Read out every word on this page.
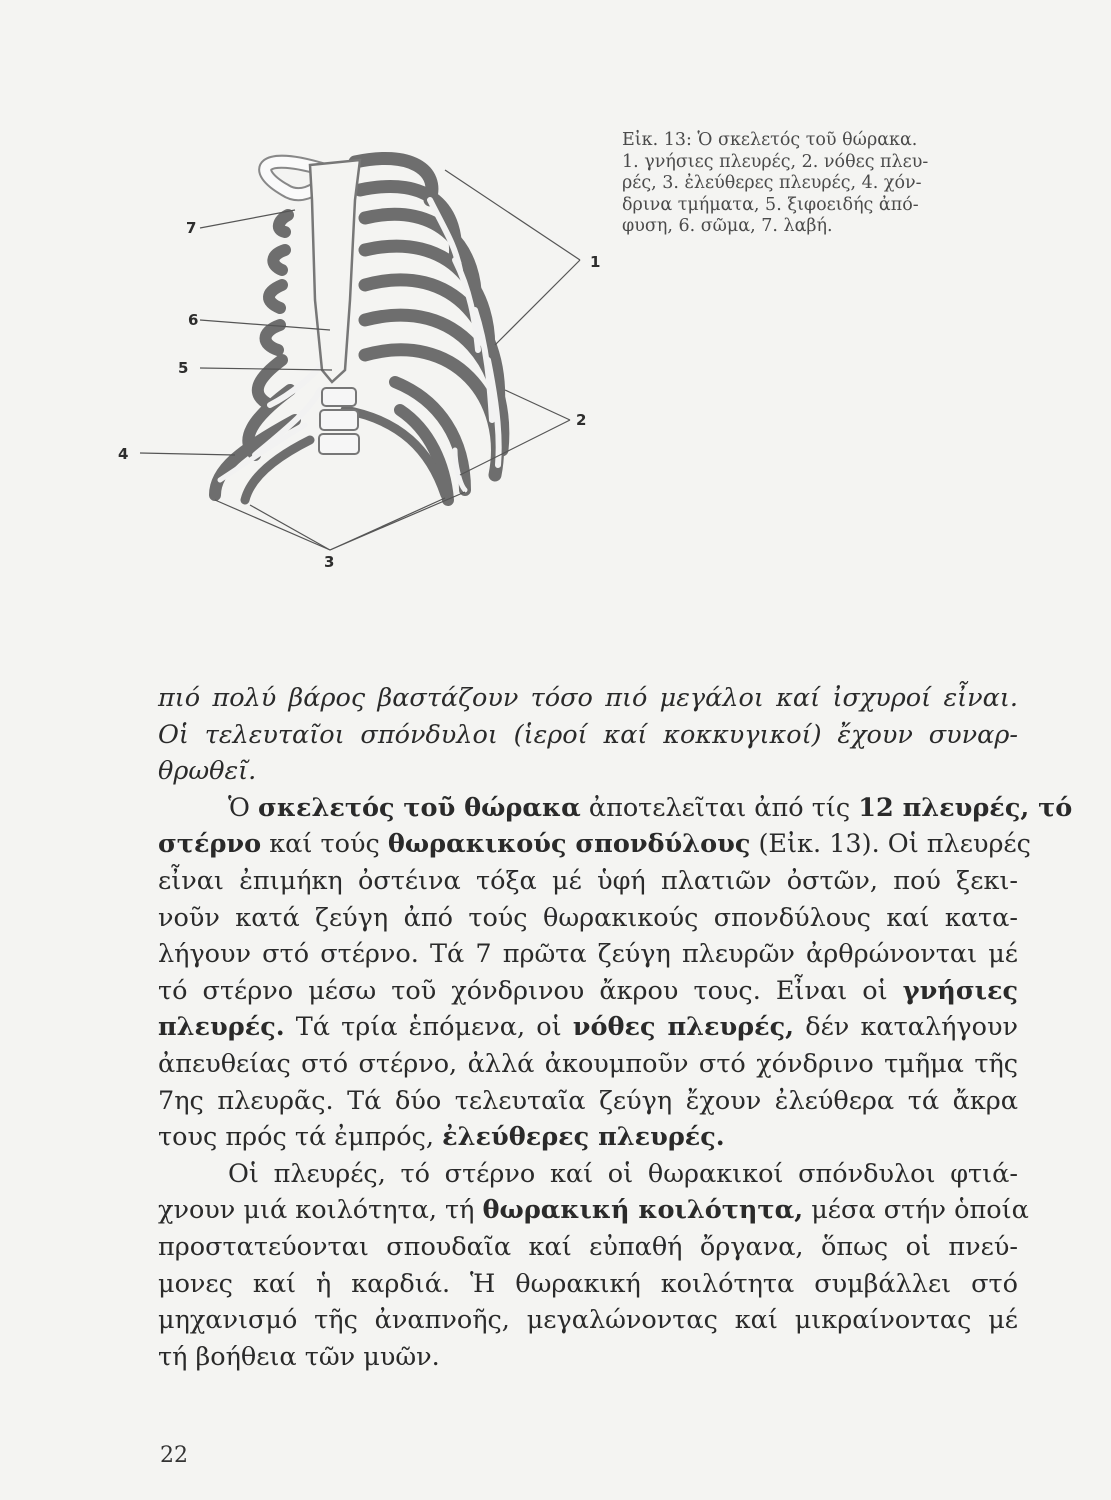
7
6
5
4
1
2
3
Εἰκ. 13: Ὁ σκελετός τοῦ θώρακα.
1. γνήσιες πλευρές, 2. νόθες πλευ-
ρές, 3. ἐλεύθερες πλευρές, 4. χόν-
δρινα τμήματα, 5. ξιφοειδής ἀπό-
φυση, 6. σῶμα, 7. λαβή.
πιό πολύ βάρος βαστάζουν τόσο πιό μεγάλοι καί ἰσχυροί εἶναι.
Οἱ τελευταῖοι σπόνδυλοι (ἱεροί καί κοκκυγικοί) ἔχουν συναρ-
θρωθεῖ.
Ὁ σκελετός τοῦ θώρακα ἀποτελεῖται ἀπό τίς 12 πλευρές, τό
στέρνο καί τούς θωρακικούς σπονδύλους (Εἰκ. 13). Οἱ πλευρές
εἶναι ἐπιμήκη ὀστέινα τόξα μέ ὑφή πλατιῶν ὀστῶν, πού ξεκι-
νοῦν κατά ζεύγη ἀπό τούς θωρακικούς σπονδύλους καί κατα-
λήγουν στό στέρνο. Τά 7 πρῶτα ζεύγη πλευρῶν ἀρθρώνονται μέ
τό στέρνο μέσω τοῦ χόνδρινου ἄκρου τους. Εἶναι οἱ γνήσιες
πλευρές. Τά τρία ἑπόμενα, οἱ νόθες πλευρές, δέν καταλήγουν
ἀπευθείας στό στέρνο, ἀλλά ἀκουμποῦν στό χόνδρινο τμῆμα τῆς
7ης πλευρᾶς. Τά δύο τελευταῖα ζεύγη ἔχουν ἐλεύθερα τά ἄκρα
τους πρός τά ἐμπρός, ἐλεύθερες πλευρές.
Οἱ πλευρές, τό στέρνο καί οἱ θωρακικοί σπόνδυλοι φτιά-
χνουν μιά κοιλότητα, τή θωρακική κοιλότητα, μέσα στήν ὁποία
προστατεύονται σπουδαῖα καί εὐπαθή ὄργανα, ὅπως οἱ πνεύ-
μονες καί ἡ καρδιά. Ἡ θωρακική κοιλότητα συμβάλλει στό
μηχανισμό τῆς ἀναπνοῆς, μεγαλώνοντας καί μικραίνοντας μέ
τή βοήθεια τῶν μυῶν.
22
